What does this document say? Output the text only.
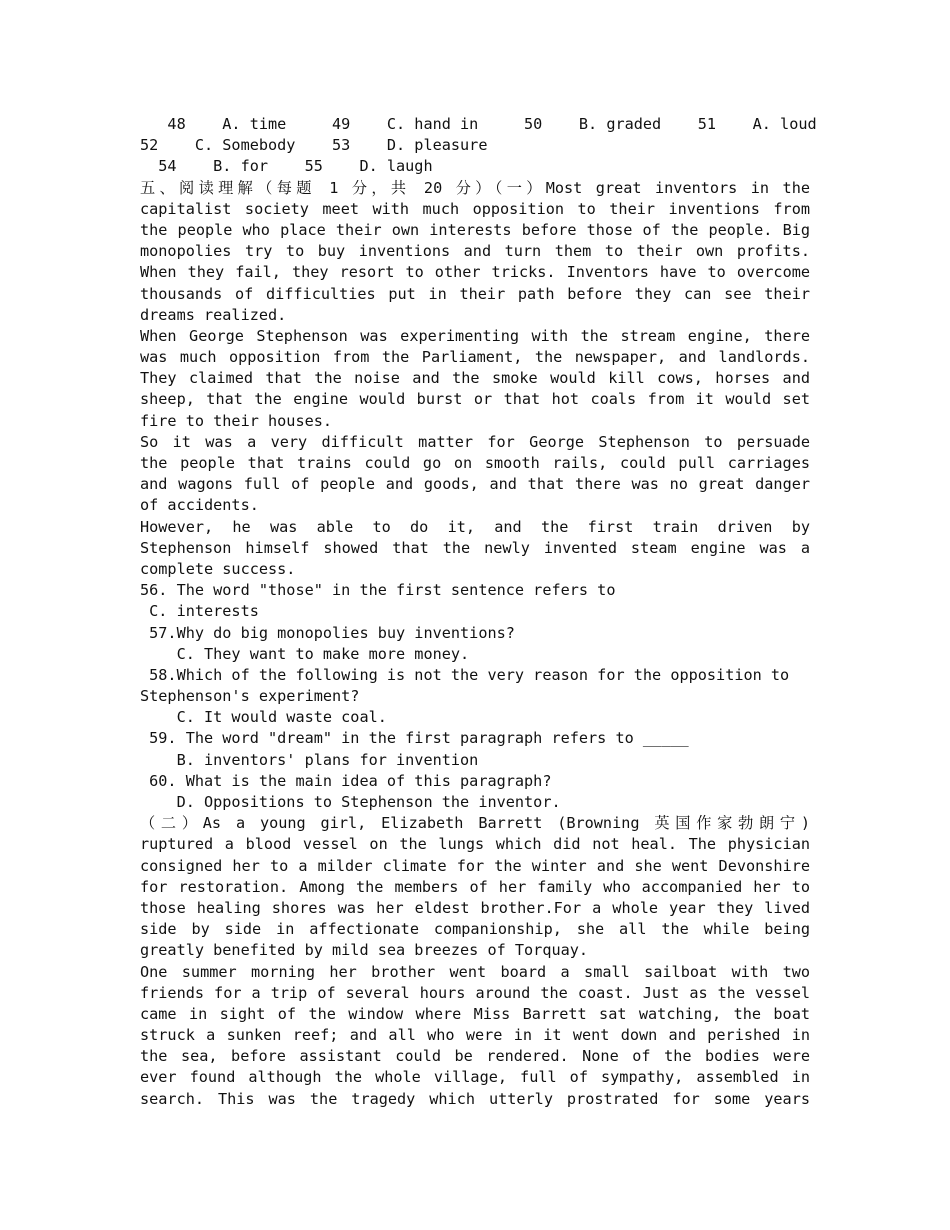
48    A. time     49    C. hand in     50    B. graded    51    A. loud
52    C. Somebody    53    D. pleasure
54    B. for    55    D. laugh
五、阅读理解（每题 1 分，共 20 分）（一）Most great inventors in the
capitalist society meet with much opposition to their inventions from
the people who place their own interests before those of the people. Big
monopolies try to buy inventions and turn them to their own profits.
When they fail, they resort to other tricks. Inventors have to overcome
thousands of difficulties put in their path before they can see their
dreams realized.
When George Stephenson was experimenting with the stream engine, there
was much opposition from the Parliament, the newspaper, and landlords.
They claimed that the noise and the smoke would kill cows, horses and
sheep, that the engine would burst or that hot coals from it would set
fire to their houses.
So it was a very difficult matter for George Stephenson to persuade
the people that trains could go on smooth rails, could pull carriages
and wagons full of people and goods, and that there was no great danger
of accidents.
However, he was able to do it, and the first train driven by
Stephenson himself showed that the newly invented steam engine was a
complete success.
56. The word "those" in the first sentence refers to
C. interests
57.Why do big monopolies buy inventions?
C. They want to make more money.
58.Which of the following is not the very reason for the opposition to
Stephenson's experiment?
C. It would waste coal.
59. The word "dream" in the first paragraph refers to _____
B. inventors' plans for invention
60. What is the main idea of this paragraph?
D. Oppositions to Stephenson the inventor.
（二）As a young girl, Elizabeth Barrett (Browning 英国作家勃朗宁)
ruptured a blood vessel on the lungs which did not heal. The physician
consigned her to a milder climate for the winter and she went Devonshire
for restoration. Among the members of her family who accompanied her to
those healing shores was her eldest brother.For a whole year they lived
side by side in affectionate companionship, she all the while being
greatly benefited by mild sea breezes of Torquay.
One summer morning her brother went board a small sailboat with two
friends for a trip of several hours around the coast. Just as the vessel
came in sight of the window where Miss Barrett sat watching, the boat
struck a sunken reef; and all who were in it went down and perished in
the sea, before assistant could be rendered. None of the bodies were
ever found although the whole village, full of sympathy, assembled in
search. This was the tragedy which utterly prostrated for some years
